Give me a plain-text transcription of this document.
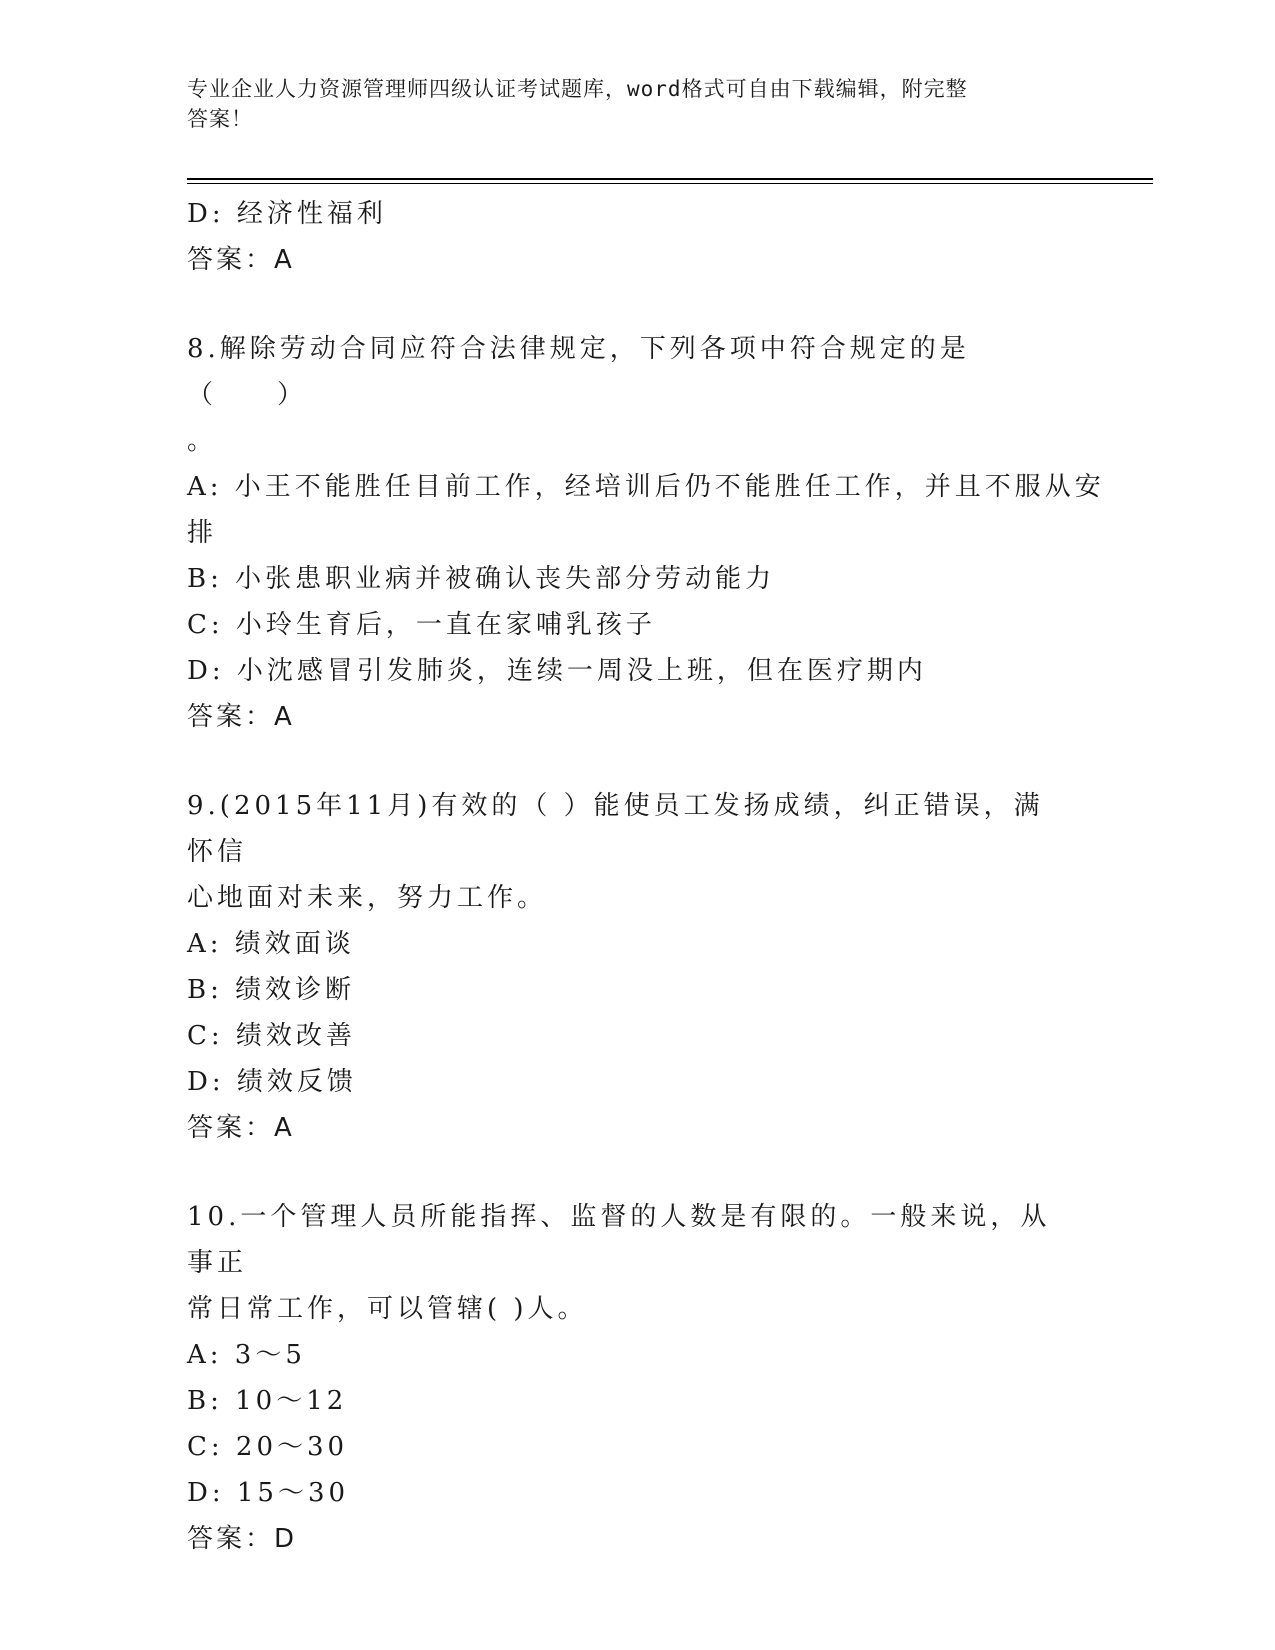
专业企业人力资源管理师四级认证考试题库，word格式可自由下载编辑，附完整
答案！
D: 经济性福利
答案：A
8.解除劳动合同应符合法律规定，下列各项中符合规定的是（　　）
。
A: 小王不能胜任目前工作，经培训后仍不能胜任工作，并且不服从安
排
B: 小张患职业病并被确认丧失部分劳动能力
C: 小玲生育后，一直在家哺乳孩子
D: 小沈感冒引发肺炎，连续一周没上班，但在医疗期内
答案：A
9.(2015年11月)有效的（ ）能使员工发扬成绩，纠正错误，满怀信
心地面对未来，努力工作。
A: 绩效面谈
B: 绩效诊断
C: 绩效改善
D: 绩效反馈
答案：A
10.一个管理人员所能指挥、监督的人数是有限的。一般来说，从事正
常日常工作，可以管辖( )人。
A: 3～5
B: 10～12
C: 20～30
D: 15～30
答案：D
